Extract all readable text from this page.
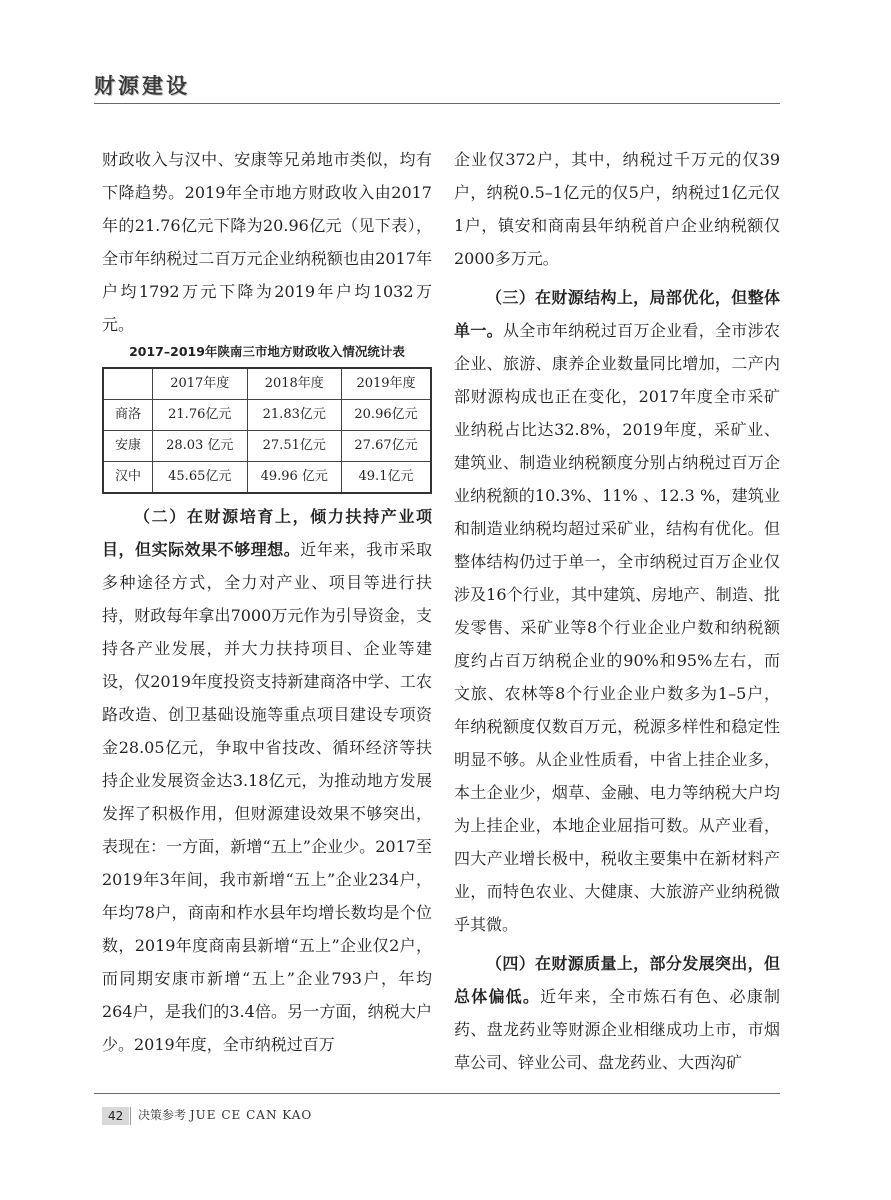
财源建设

财政收入与汉中、安康等兄弟地市类似，均有下降趋势。2019年全市地方财政收入由2017年的21.76亿元下降为20.96亿元（见下表），全市年纳税过二百万元企业纳税额也由2017年户均1792万元下降为2019年户均1032万元。

2017–2019年陕南三市地方财政收入情况统计表
	2017年度	2018年度	2019年度
商洛	21.76亿元	21.83亿元	20.96亿元
安康	28.03 亿元	27.51亿元	27.67亿元
汉中	45.65亿元	49.96 亿元	49.1亿元

（二）在财源培育上，倾力扶持产业项目，但实际效果不够理想。近年来，我市采取多种途径方式，全力对产业、项目等进行扶持，财政每年拿出7000万元作为引导资金，支持各产业发展，并大力扶持项目、企业等建设，仅2019年度投资支持新建商洛中学、工农路改造、创卫基础设施等重点项目建设专项资金28.05亿元，争取中省技改、循环经济等扶持企业发展资金达3.18亿元，为推动地方发展发挥了积极作用，但财源建设效果不够突出，表现在：一方面，新增“五上”企业少。2017至2019年3年间，我市新增“五上”企业234户，年均78户，商南和柞水县年均增长数均是个位数，2019年度商南县新增“五上”企业仅2户，而同期安康市新增“五上”企业793户，年均264户，是我们的3.4倍。另一方面，纳税大户少。2019年度，全市纳税过百万

企业仅372户，其中，纳税过千万元的仅39户，纳税0.5–1亿元的仅5户，纳税过1亿元仅1户，镇安和商南县年纳税首户企业纳税额仅2000多万元。

（三）在财源结构上，局部优化，但整体单一。从全市年纳税过百万企业看，全市涉农企业、旅游、康养企业数量同比增加，二产内部财源构成也正在变化，2017年度全市采矿业纳税占比达32.8%，2019年度，采矿业、建筑业、制造业纳税额度分别占纳税过百万企业纳税额的10.3%、11% 、12.3 %，建筑业和制造业纳税均超过采矿业，结构有优化。但整体结构仍过于单一，全市纳税过百万企业仅涉及16个行业，其中建筑、房地产、制造、批发零售、采矿业等8个行业企业户数和纳税额度约占百万纳税企业的90%和95%左右，而文旅、农林等8个行业企业户数多为1–5户，年纳税额度仅数百万元，税源多样性和稳定性明显不够。从企业性质看，中省上挂企业多，本土企业少，烟草、金融、电力等纳税大户均为上挂企业，本地企业屈指可数。从产业看，四大产业增长极中，税收主要集中在新材料产业，而特色农业、大健康、大旅游产业纳税微乎其微。

（四）在财源质量上，部分发展突出，但总体偏低。近年来，全市炼石有色、必康制药、盘龙药业等财源企业相继成功上市，市烟草公司、锌业公司、盘龙药业、大西沟矿

42	决策参考 JUE CE CAN KAO
